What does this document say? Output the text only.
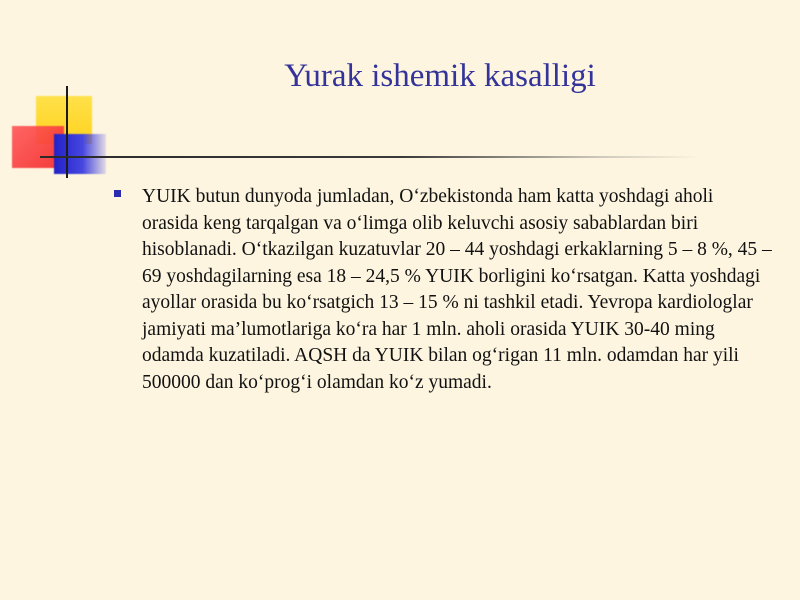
Yurak ishemik kasalligi
YUIK butun dunyoda jumladan, O‘zbekistonda ham katta yoshdagi aholi orasida keng tarqalgan va o‘limga olib keluvchi asosiy sabablardan biri hisoblanadi. O‘tkazilgan kuzatuvlar 20 – 44 yoshdagi erkaklarning 5 – 8 %, 45 – 69 yoshdagilarning esa 18 – 24,5 % YUIK borligini ko‘rsatgan. Katta yoshdagi ayollar orasida bu ko‘rsatgich 13 – 15 % ni tashkil etadi. Yevropa kardiologlar jamiyati ma’lumotlariga ko‘ra har 1 mln. aholi orasida YUIK 30-40 ming odamda kuzatiladi. AQSH da YUIK bilan og‘rigan 11 mln. odamdan har yili 500000 dan ko‘prog‘i olamdan ko‘z yumadi.
